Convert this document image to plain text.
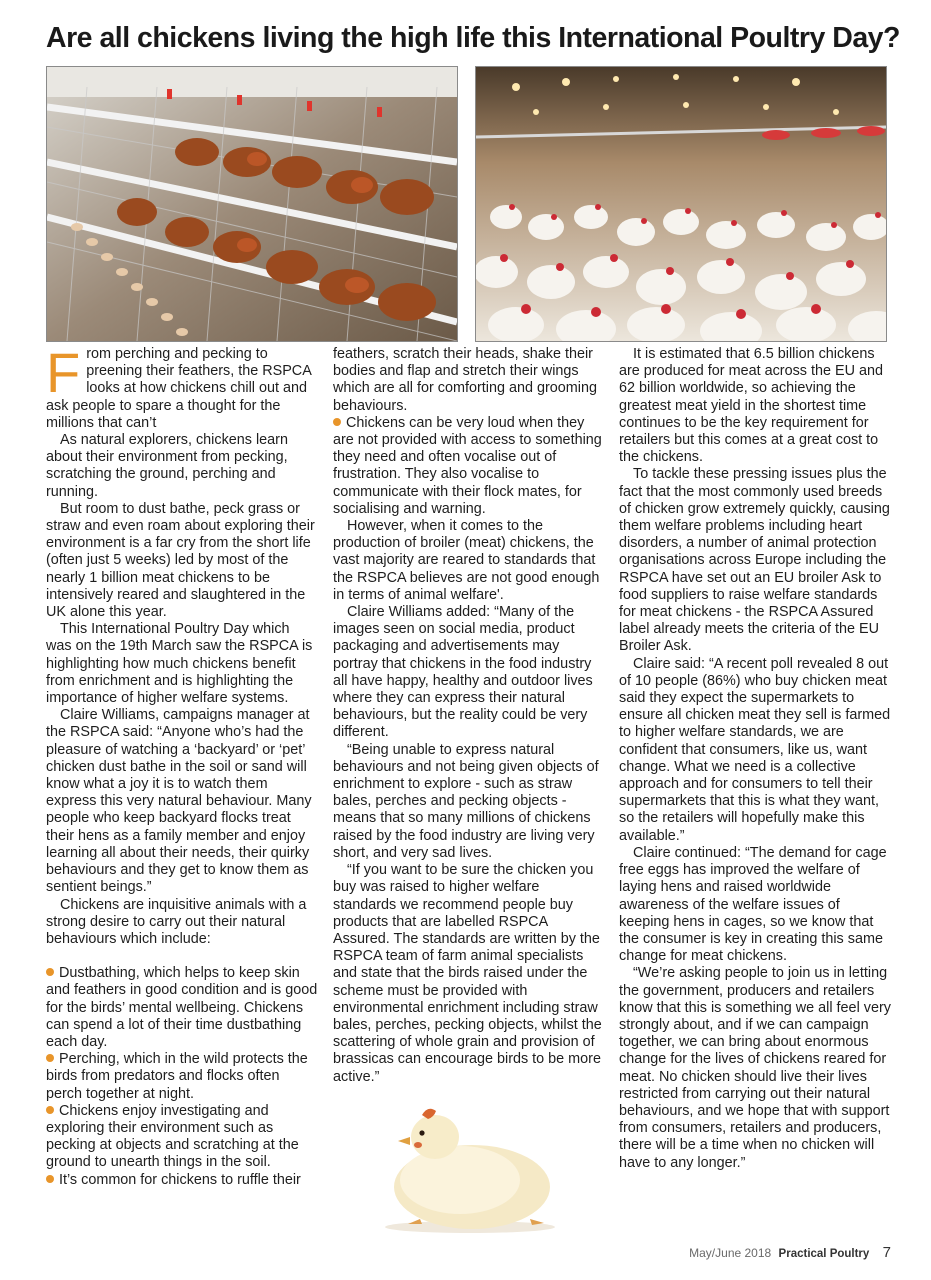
Are all chickens living the high life this International Poultry Day?

From perching and pecking to preening their feathers, the RSPCA looks at how chickens chill out and ask people to spare a thought for the millions that can’t

As natural explorers, chickens learn about their environment from pecking, scratching the ground, perching and running.

But room to dust bathe, peck grass or straw and even roam about exploring their environment is a far cry from the short life (often just 5 weeks) led by most of the nearly 1 billion meat chickens to be intensively reared and slaughtered in the UK alone this year.

This International Poultry Day which was on the 19th March saw the RSPCA is highlighting how much chickens benefit from enrichment and is highlighting the importance of higher welfare systems.

Claire Williams, campaigns manager at the RSPCA said: “Anyone who’s had the pleasure of watching a ‘backyard’ or ‘pet’ chicken dust bathe in the soil or sand will know what a joy it is to watch them express this very natural behaviour. Many people who keep backyard flocks treat their hens as a family member and enjoy learning all about their needs, their quirky behaviours and they get to know them as sentient beings.”

Chickens are inquisitive animals with a strong desire to carry out their natural behaviours which include:

Dustbathing, which helps to keep skin and feathers in good condition and is good for the birds’ mental wellbeing. Chickens can spend a lot of their time dustbathing each day.

Perching, which in the wild protects the birds from predators and flocks often perch together at night.

Chickens enjoy investigating and exploring their environment such as pecking at objects and scratching at the ground to unearth things in the soil.

It’s common for chickens to ruffle their

feathers, scratch their heads, shake their bodies and flap and stretch their wings which are all for comforting and grooming behaviours.

Chickens can be very loud when they are not provided with access to something they need and often vocalise out of frustration. They also vocalise to communicate with their flock mates, for socialising and warning.

However, when it comes to the production of broiler (meat) chickens, the vast majority are reared to standards that the RSPCA believes are not good enough in terms of animal welfare'.

Claire Williams added: “Many of the images seen on social media, product packaging and advertisements may portray that chickens in the food industry all have happy, healthy and outdoor lives where they can express their natural behaviours, but the reality could be very different.

“Being unable to express natural behaviours and not being given objects of enrichment to explore - such as straw bales, perches and pecking objects - means that so many millions of chickens raised by the food industry are living very short, and very sad lives.

“If you want to be sure the chicken you buy was raised to higher welfare standards we recommend people buy products that are labelled RSPCA Assured. The standards are written by the RSPCA team of farm animal specialists and state that the birds raised under the scheme must be provided with environmental enrichment including straw bales, perches, pecking objects, whilst the scattering of whole grain and provision of brassicas can encourage birds to be more active.”

It is estimated that 6.5 billion chickens are produced for meat across the EU and 62 billion worldwide, so achieving the greatest meat yield in the shortest time continues to be the key requirement for retailers but this comes at a great cost to the chickens.

To tackle these pressing issues plus the fact that the most commonly used breeds of chicken grow extremely quickly, causing them welfare problems including heart disorders, a number of animal protection organisations across Europe including the RSPCA have set out an EU broiler Ask to food suppliers to raise welfare standards for meat chickens - the RSPCA Assured label already meets the criteria of the EU Broiler Ask.

Claire said: “A recent poll revealed 8 out of 10 people (86%) who buy chicken meat said they expect the supermarkets to ensure all chicken meat they sell is farmed to higher welfare standards, we are confident that consumers, like us, want change. What we need is a collective approach and for consumers to tell their supermarkets that this is what they want, so the retailers will hopefully make this available.”

Claire continued: “The demand for cage free eggs has improved the welfare of laying hens and raised worldwide awareness of the welfare issues of keeping hens in cages, so we know that the consumer is key in creating this same change for meat chickens.

“We’re asking people to join us in letting the government, producers and retailers know that this is something we all feel very strongly about, and if we can campaign together, we can bring about enormous change for the lives of chickens reared for meat. No chicken should live their lives restricted from carrying out their natural behaviours, and we hope that with support from consumers, retailers and producers, there will be a time when no chicken will have to any longer.”

May/June 2018 Practical Poultry 7
